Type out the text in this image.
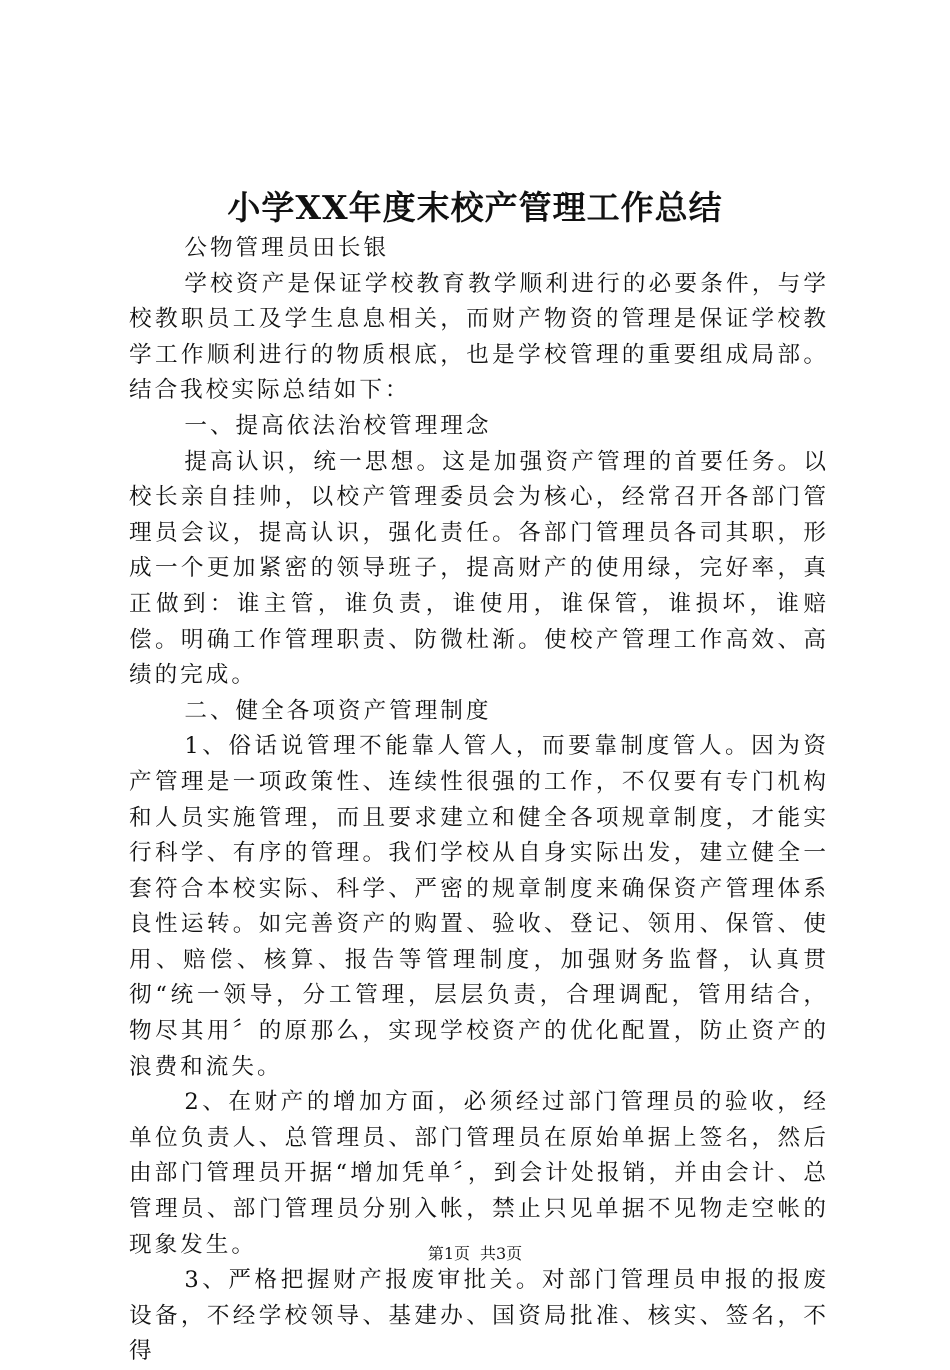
小学XX年度末校产管理工作总结

公物管理员田长银

学校资产是保证学校教育教学顺利进行的必要条件，与学校教职员工及学生息息相关，而财产物资的管理是保证学校教学工作顺利进行的物质根底，也是学校管理的重要组成局部。结合我校实际总结如下：

一、提高依法治校管理理念

提高认识，统一思想。这是加强资产管理的首要任务。以校长亲自挂帅，以校产管理委员会为核心，经常召开各部门管理员会议，提高认识，强化责任。各部门管理员各司其职，形成一个更加紧密的领导班子，提高财产的使用绿，完好率，真正做到：谁主管，谁负责，谁使用，谁保管，谁损坏，谁赔偿。明确工作管理职责、防微杜渐。使校产管理工作高效、高绩的完成。

二、健全各项资产管理制度

1、俗话说管理不能靠人管人，而要靠制度管人。因为资产管理是一项政策性、连续性很强的工作，不仅要有专门机构和人员实施管理，而且要求建立和健全各项规章制度，才能实行科学、有序的管理。我们学校从自身实际出发，建立健全一套符合本校实际、科学、严密的规章制度来确保资产管理体系良性运转。如完善资产的购置、验收、登记、领用、保管、使用、赔偿、核算、报告等管理制度，加强财务监督，认真贯彻“统一领导，分工管理，层层负责，合理调配，管用结合，物尽其用〞的原那么，实现学校资产的优化配置，防止资产的浪费和流失。

2、在财产的增加方面，必须经过部门管理员的验收，经单位负责人、总管理员、部门管理员在原始单据上签名，然后由部门管理员开据“增加凭单〞，到会计处报销，并由会计、总管理员、部门管理员分别入帐，禁止只见单据不见物走空帐的现象发生。

3、严格把握财产报废审批关。对部门管理员申报的报废设备，不经学校领导、基建办、国资局批准、核实、签名，不得

第1页 共3页
